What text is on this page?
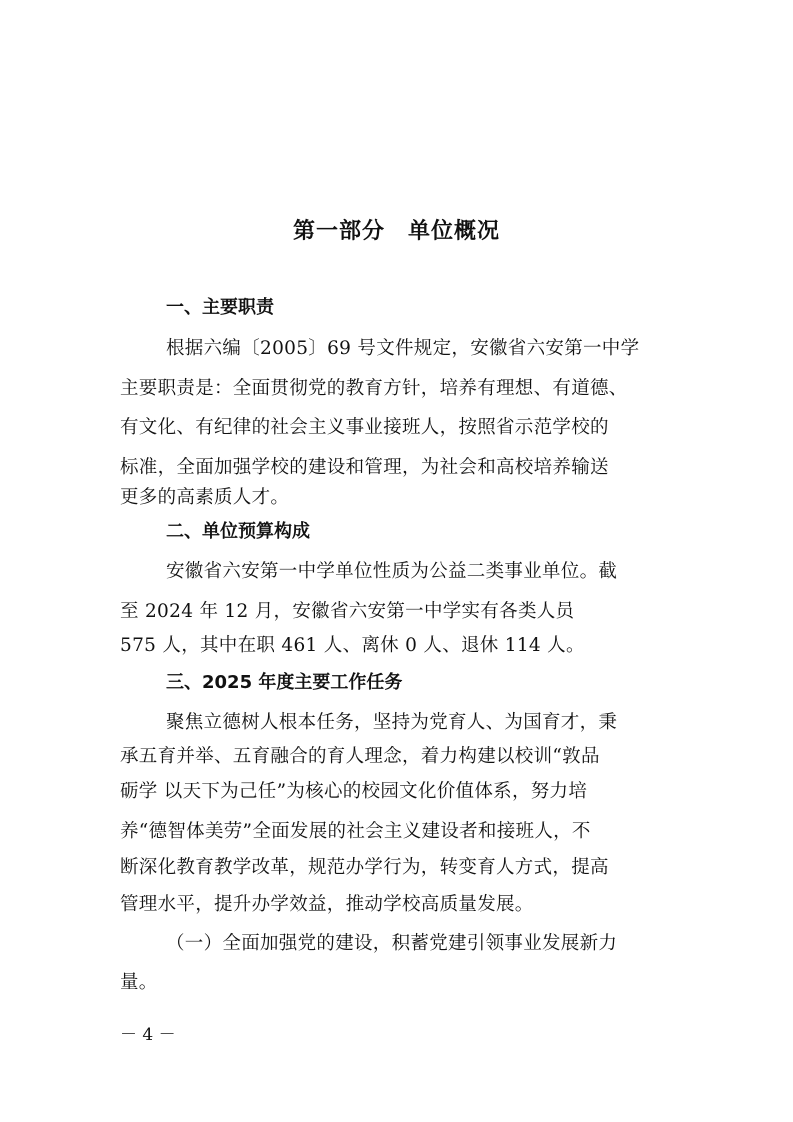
第一部分　单位概况
一、主要职责
根据六编〔2005〕69 号文件规定，安徽省六安第一中学
主要职责是：全面贯彻党的教育方针，培养有理想、有道德、
有文化、有纪律的社会主义事业接班人，按照省示范学校的
标准，全面加强学校的建设和管理，为社会和高校培养输送
更多的高素质人才。
二、单位预算构成
安徽省六安第一中学单位性质为公益二类事业单位。截
至 2024 年 12 月，安徽省六安第一中学实有各类人员
575 人，其中在职 461 人、离休 0 人、退休 114 人。
三、2025 年度主要工作任务
聚焦立德树人根本任务，坚持为党育人、为国育才，秉
承五育并举、五育融合的育人理念，着力构建以校训“敦品
砺学 以天下为己任”为核心的校园文化价值体系，努力培
养“德智体美劳”全面发展的社会主义建设者和接班人，不
断深化教育教学改革，规范办学行为，转变育人方式，提高
管理水平，提升办学效益，推动学校高质量发展。
（一）全面加强党的建设，积蓄党建引领事业发展新力
量。
－ 4 －
